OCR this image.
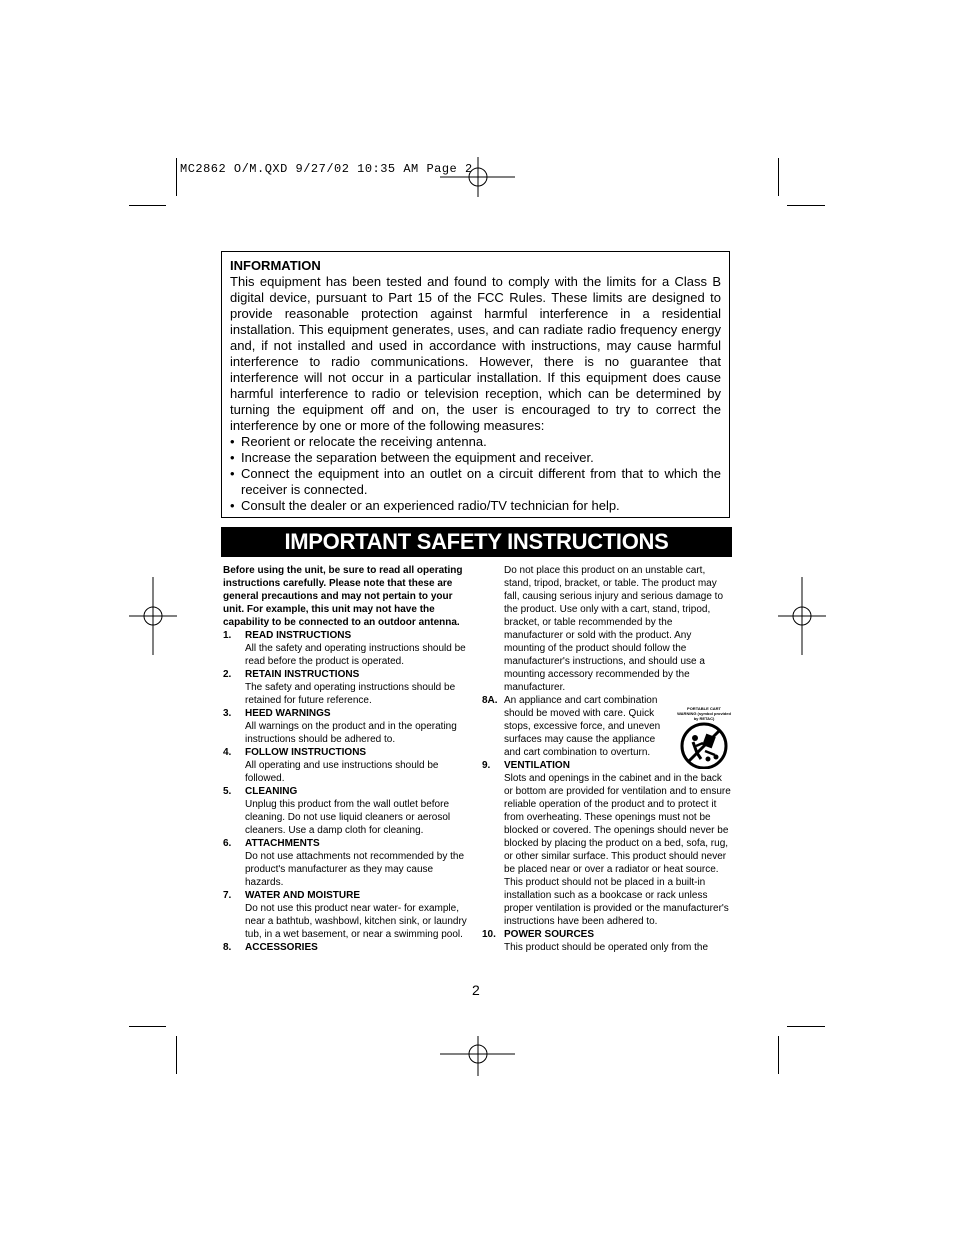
MC2862 O/M.QXD 9/27/02 10:35 AM Page 2
INFORMATION

This equipment has been tested and found to comply with the limits for a Class B digital device, pursuant to Part 15 of the FCC Rules. These limits are designed to provide reasonable protection against harmful interference in a residential installation. This equipment generates, uses, and can radiate radio frequency energy and, if not installed and used in accordance with instructions, may cause harmful interference to radio communications. However, there is no guarantee that interference will not occur in a particular installation. If this equipment does cause harmful interference to radio or television reception, which can be determined by turning the equipment off and on, the user is encouraged to try to correct the interference by one or more of the following measures:

• Reorient or relocate the receiving antenna.
• Increase the separation between the equipment and receiver.
• Connect the equipment into an outlet on a circuit different from that to which the receiver is connected.
• Consult the dealer or an experienced radio/TV technician for help.
IMPORTANT SAFETY INSTRUCTIONS

Before using the unit, be sure to read all operating instructions carefully. Please note that these are general precautions and may not pertain to your unit. For example, this unit may not have the capability to be connected to an outdoor antenna.

1. READ INSTRUCTIONS
All the safety and operating instructions should be read before the product is operated.
2. RETAIN INSTRUCTIONS
The safety and operating instructions should be retained for future reference.
3. HEED WARNINGS
All warnings on the product and in the operating instructions should be adhered to.
4. FOLLOW INSTRUCTIONS
All operating and use instructions should be followed.
5. CLEANING
Unplug this product from the wall outlet before cleaning. Do not use liquid cleaners or aerosol cleaners. Use a damp cloth for cleaning.
6. ATTACHMENTS
Do not use attachments not recommended by the product's manufacturer as they may cause hazards.
7. WATER AND MOISTURE
Do not use this product near water- for example, near a bathtub, washbowl, kitchen sink, or laundry tub, in a wet basement, or near a swimming pool.
8. ACCESSORIES
Do not place this product on an unstable cart, stand, tripod, bracket, or table. The product may fall, causing serious injury and serious damage to the product. Use only with a cart, stand, tripod, bracket, or table recommended by the manufacturer or sold with the product. Any mounting of the product should follow the manufacturer's instructions, and should use a mounting accessory recommended by the manufacturer.
8A. An appliance and cart combination should be moved with care. Quick stops, excessive force, and uneven surfaces may cause the appliance and cart combination to overturn.
9. VENTILATION
Slots and openings in the cabinet and in the back or bottom are provided for ventilation and to ensure reliable operation of the product and to protect it from overheating. These openings must not be blocked or covered. The openings should never be blocked by placing the product on a bed, sofa, rug, or other similar surface. This product should never be placed near or over a radiator or heat source. This product should not be placed in a built-in installation such as a bookcase or rack unless proper ventilation is provided or the manufacturer's instructions have been adhered to.
10. POWER SOURCES
This product should be operated only from the
PORTABLE CART WARNING (symbol provided by RETAC)
2
